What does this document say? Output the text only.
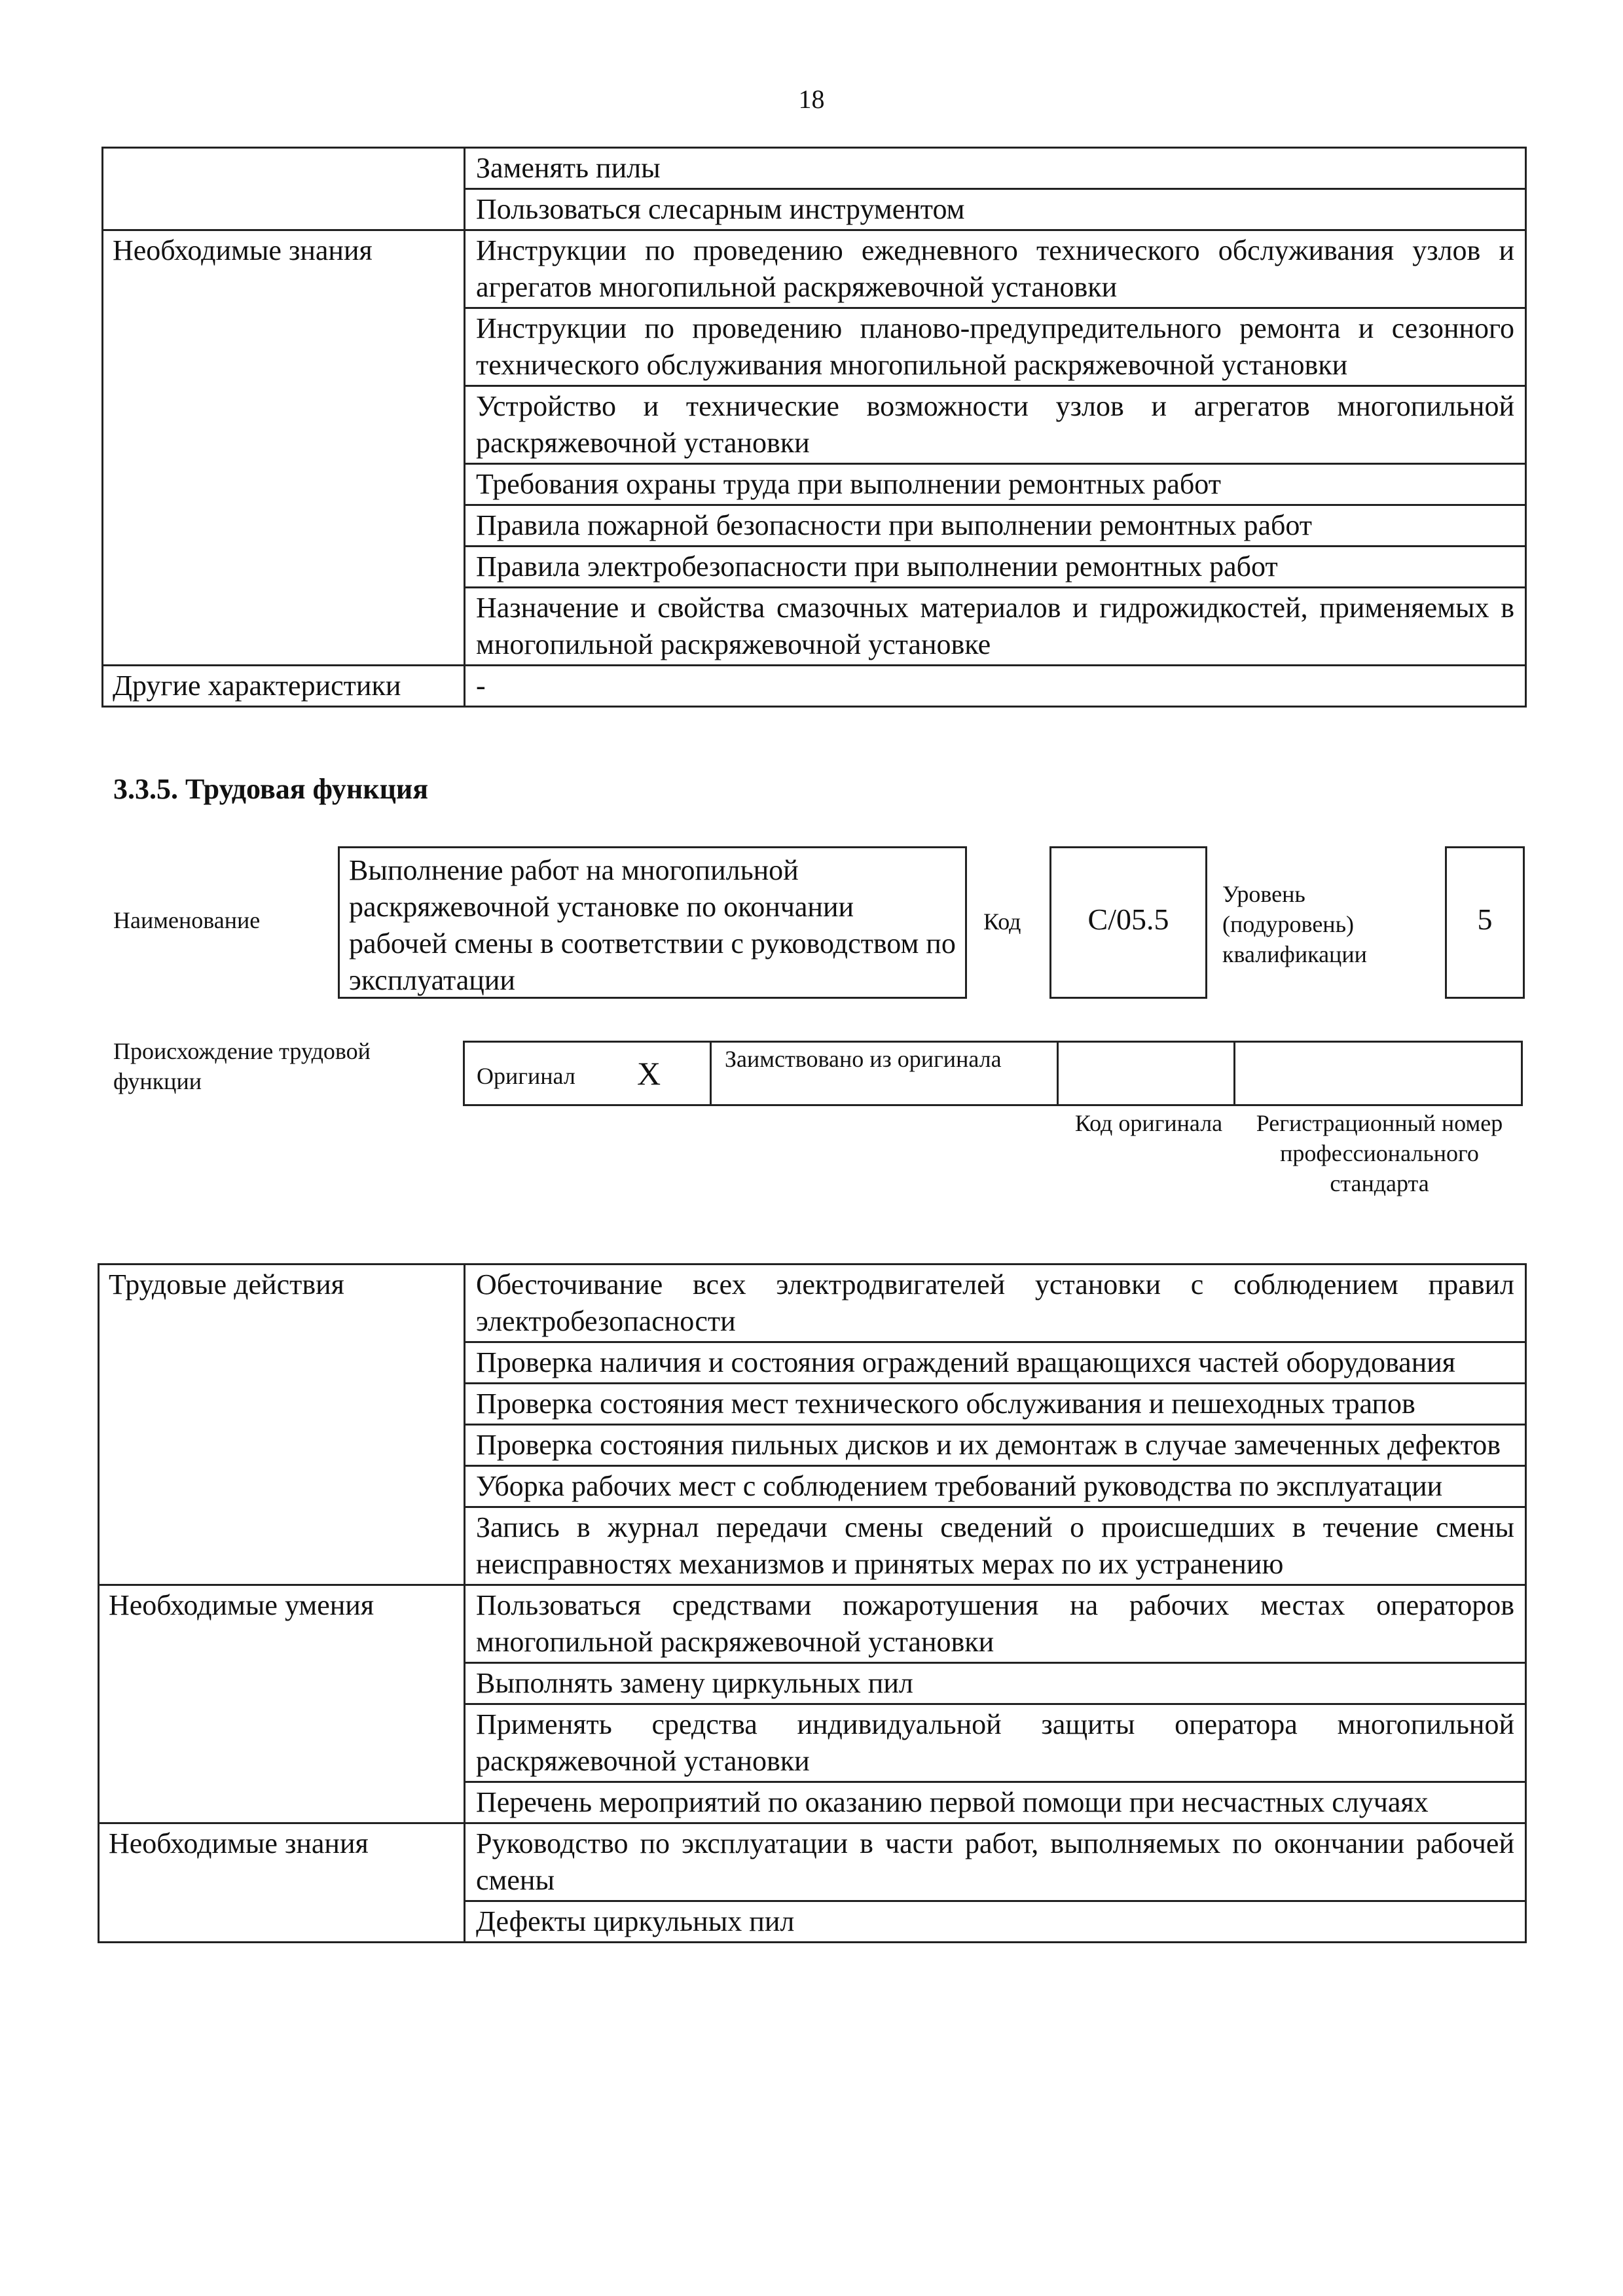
18
	Заменять пилы
	Пользоваться слесарным инструментом
Необходимые знания	Инструкции по проведению ежедневного технического обслуживания узлов и агрегатов многопильной раскряжевочной установки
	Инструкции по проведению планово-предупредительного ремонта и сезонного технического обслуживания многопильной раскряжевочной установки
	Устройство и технические возможности узлов и агрегатов многопильной раскряжевочной установки
	Требования охраны труда при выполнении ремонтных работ
	Правила пожарной безопасности при выполнении ремонтных работ
	Правила электробезопасности при выполнении ремонтных работ
	Назначение и свойства смазочных материалов и гидрожидкостей, применяемых в многопильной раскряжевочной установке
Другие характеристики	-
3.3.5. Трудовая функция
Наименование
Выполнение работ на многопильной раскряжевочной установке по окончании рабочей смены в соответствии с руководством по эксплуатации
Код	C/05.5
Уровень (подуровень) квалификации
5
Происхождение трудовой функции	Оригинал X	Заимствовано из оригинала
Код оригинала	Регистрационный номер профессионального стандарта
Трудовые действия	Обесточивание всех электродвигателей установки с соблюдением правил электробезопасности
	Проверка наличия и состояния ограждений вращающихся частей оборудования
	Проверка состояния мест технического обслуживания и пешеходных трапов
	Проверка состояния пильных дисков и их демонтаж в случае замеченных дефектов
	Уборка рабочих мест с соблюдением требований руководства по эксплуатации
	Запись в журнал передачи смены сведений о происшедших в течение смены неисправностях механизмов и принятых мерах по их устранению
Необходимые умения	Пользоваться средствами пожаротушения на рабочих местах операторов многопильной раскряжевочной установки
	Выполнять замену циркульных пил
	Применять средства индивидуальной защиты оператора многопильной раскряжевочной установки
	Перечень мероприятий по оказанию первой помощи при несчастных случаях
Необходимые знания	Руководство по эксплуатации в части работ, выполняемых по окончании рабочей смены
	Дефекты циркульных пил
